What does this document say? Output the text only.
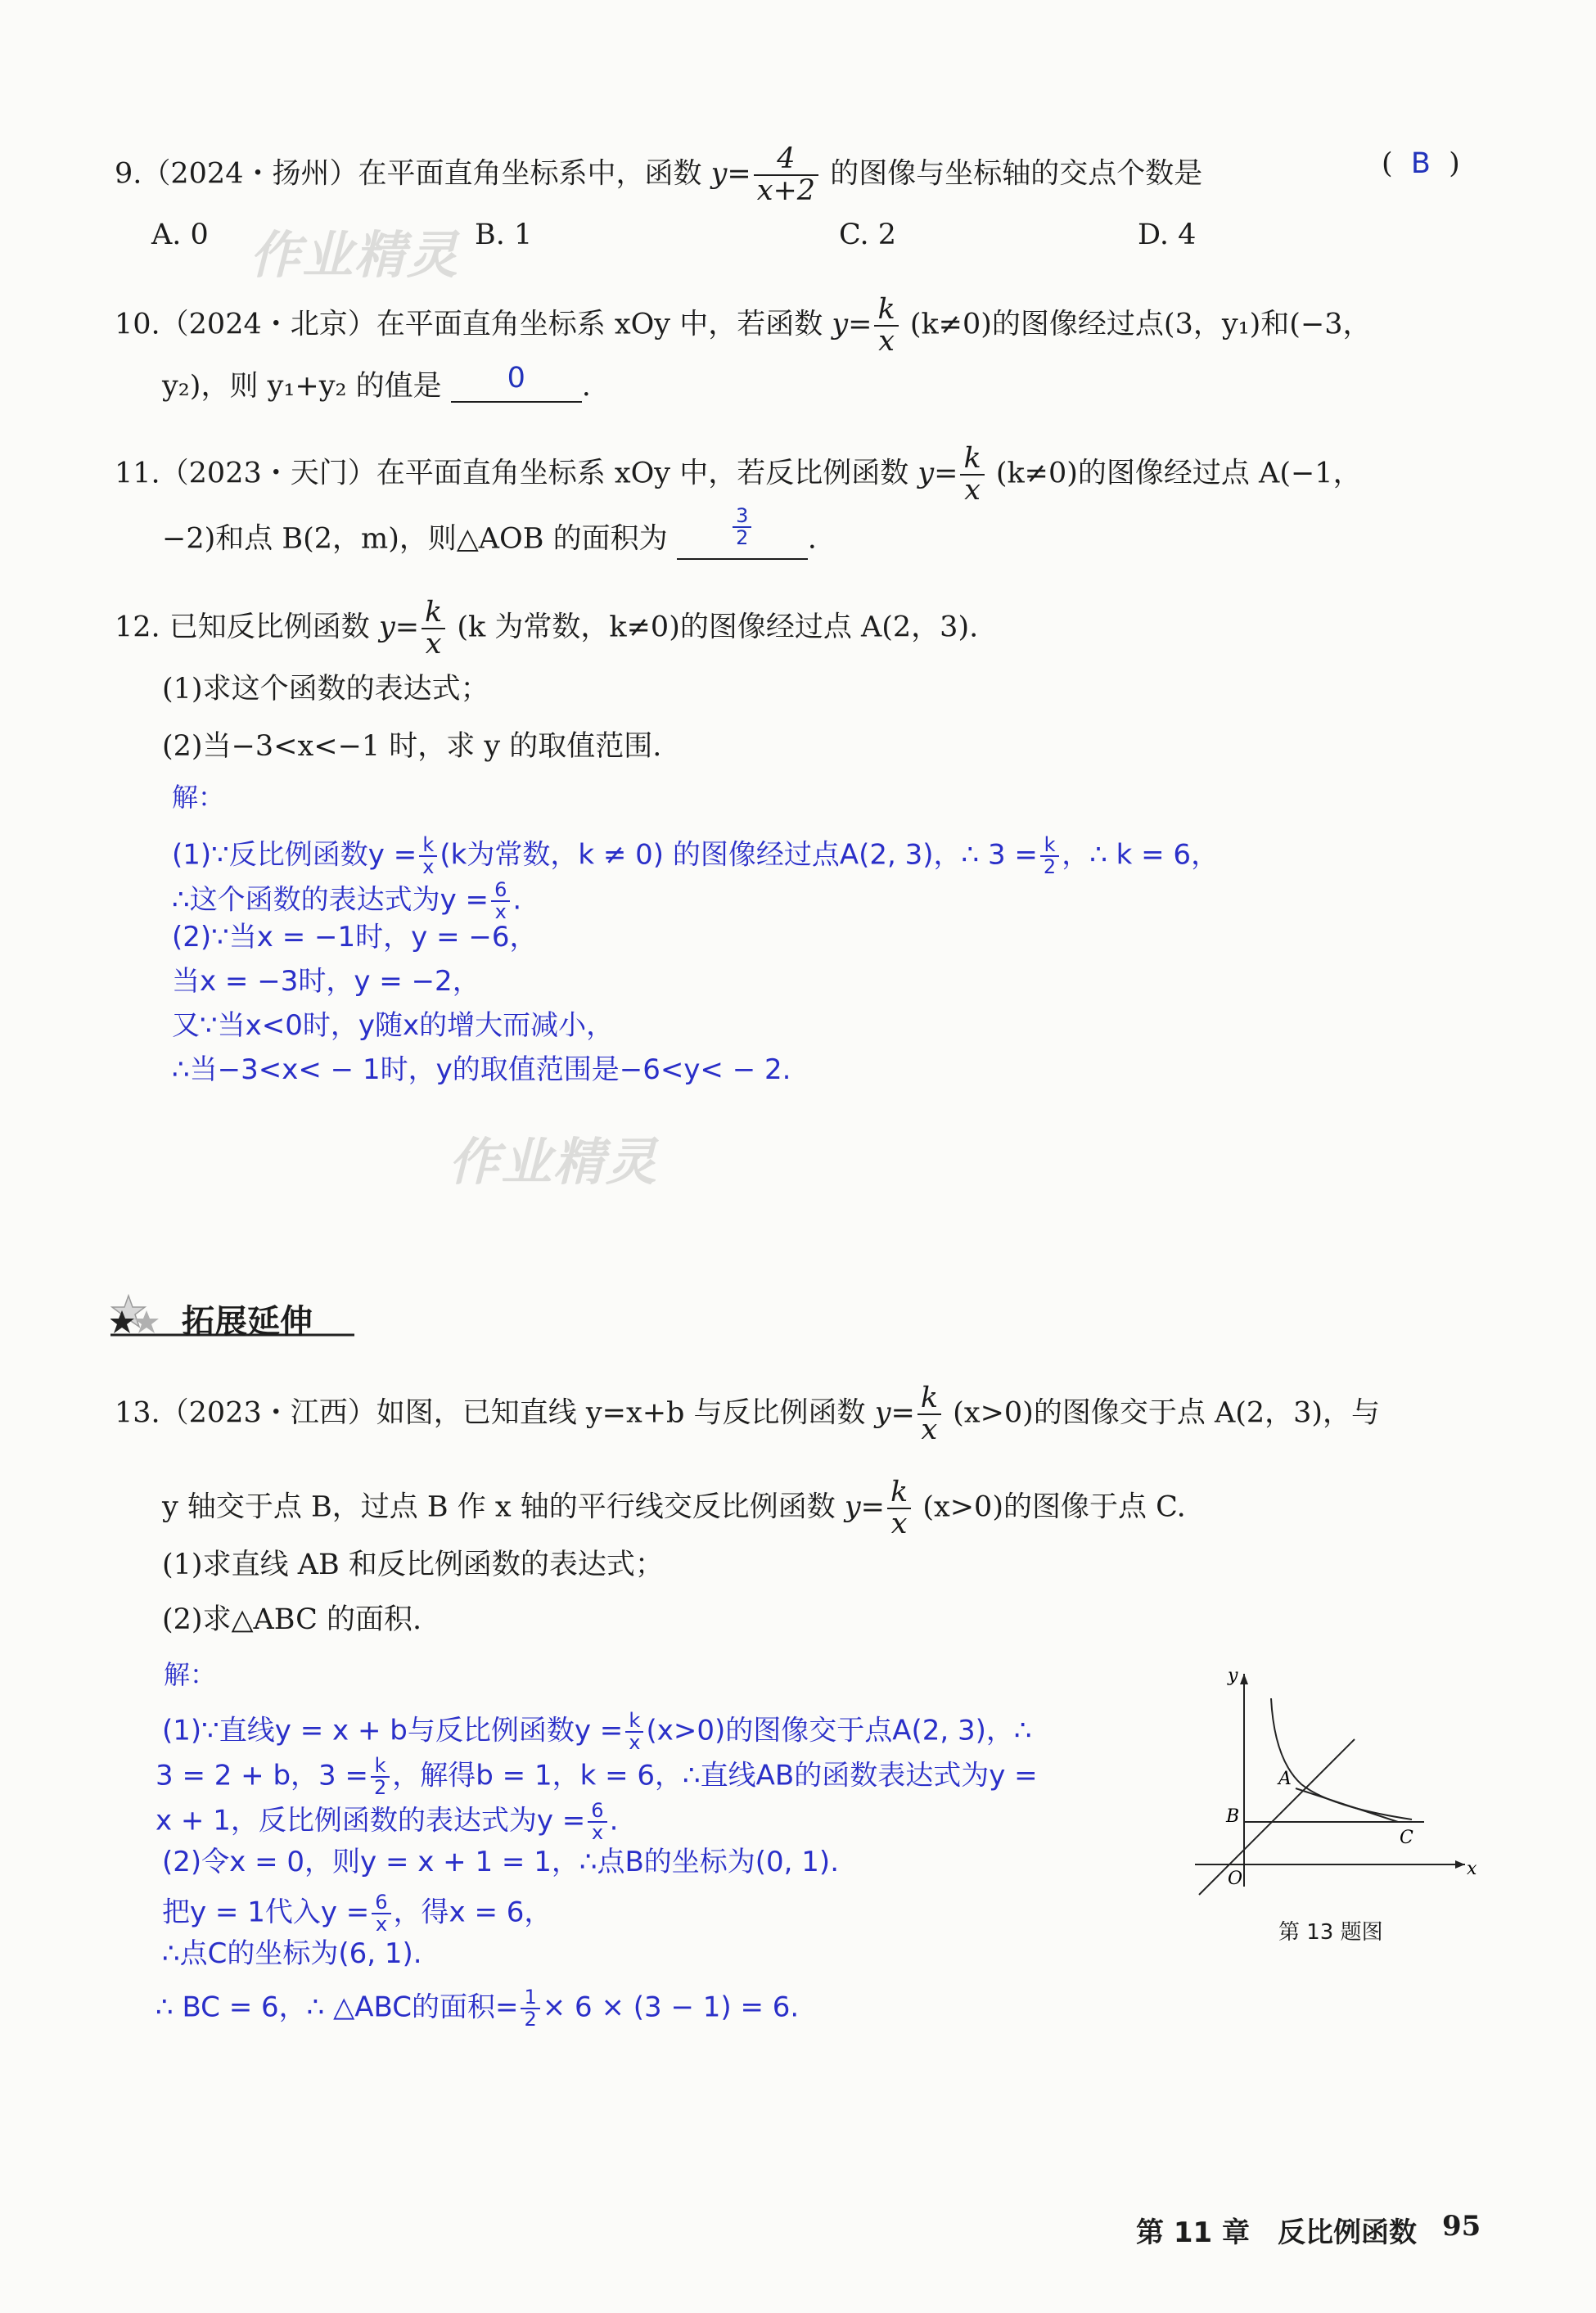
9.（2024・扬州）在平面直角坐标系中，函数 $y= \frac{4}{x+2}$ 的图像与坐标轴的交点个数是	(  B  )
A. 0	B. 1	C. 2	D. 4
10.（2024・北京）在平面直角坐标系 xOy 中，若函数 $y= \frac{k}{x} (k\ne 0)$的图像经过点(3，y₁)和(−3，
y₂)，则 y₁+y₂ 的值是 0 .
11.（2023・天门）在平面直角坐标系 xOy 中，若反比例函数 $y= \frac{k}{x} (k\ne 0)$的图像经过点 A(−1，
−2)和点 B(2，m)，则△AOB 的面积为	$\frac{3}{2}$ .
12. 已知反比例函数 $y= \frac{k}{x} (k$ 为常数，k≠0)的图像经过点 A(2，3).
(1)求这个函数的表达式；
(2)当−3<x<−1 时，求 y 的取值范围.
解：
(1)∵反比例函数$y = \frac{k}{x} (k$为常数，k ≠ 0) 的图像经过点A(2, 3)，∴ $3 = \frac{k}{2}$ ，∴ k = 6，
∴这个函数的表达式为$y = \frac{6}{x}$ .
(2)∵当x = −1时，y = −6，
当x = −3时，y = −2，
又∵当x<0时，y随x的增大而减小，
∴当−3<x< − 1时，y的取值范围是−6<y< − 2.
作业精灵
作业精灵
拓展延伸
13.（2023・江西）如图，已知直线 y=x+b 与反比例函数 $y= \frac{k}{x} (x>0)$的图像交于点 A(2，3)，与
y 轴交于点 B，过点 B 作 x 轴的平行线交反比例函数 $y= \frac{k}{x} (x>0)$的图像于点 C.
(1)求直线 AB 和反比例函数的表达式；
(2)求△ABC 的面积.
解：
(1)∵直线y = x + b与反比例函数$y = \frac{k}{x} (x>0)$的图像交于点A(2, 3)，∴
3 = 2 + b，$3 = \frac{k}{2}$ ，解得b = 1，k = 6，∴直线AB的函数表达式为y =
x + 1，反比例函数的表达式为$y = \frac{6}{x}$ .
(2)令x = 0，则y = x + 1 = 1，∴点B的坐标为(0, 1).
把y = 1代入$y = \frac{6}{x}$ ，得x = 6，
∴点C的坐标为(6, 1).
∴ BC = 6，∴ △ABC的面积= $\frac{1}{2} \times 6 \times (3 - 1) = 6$.
y
x
O
A
B
C
第 13 题图
第 11 章　反比例函数 95
